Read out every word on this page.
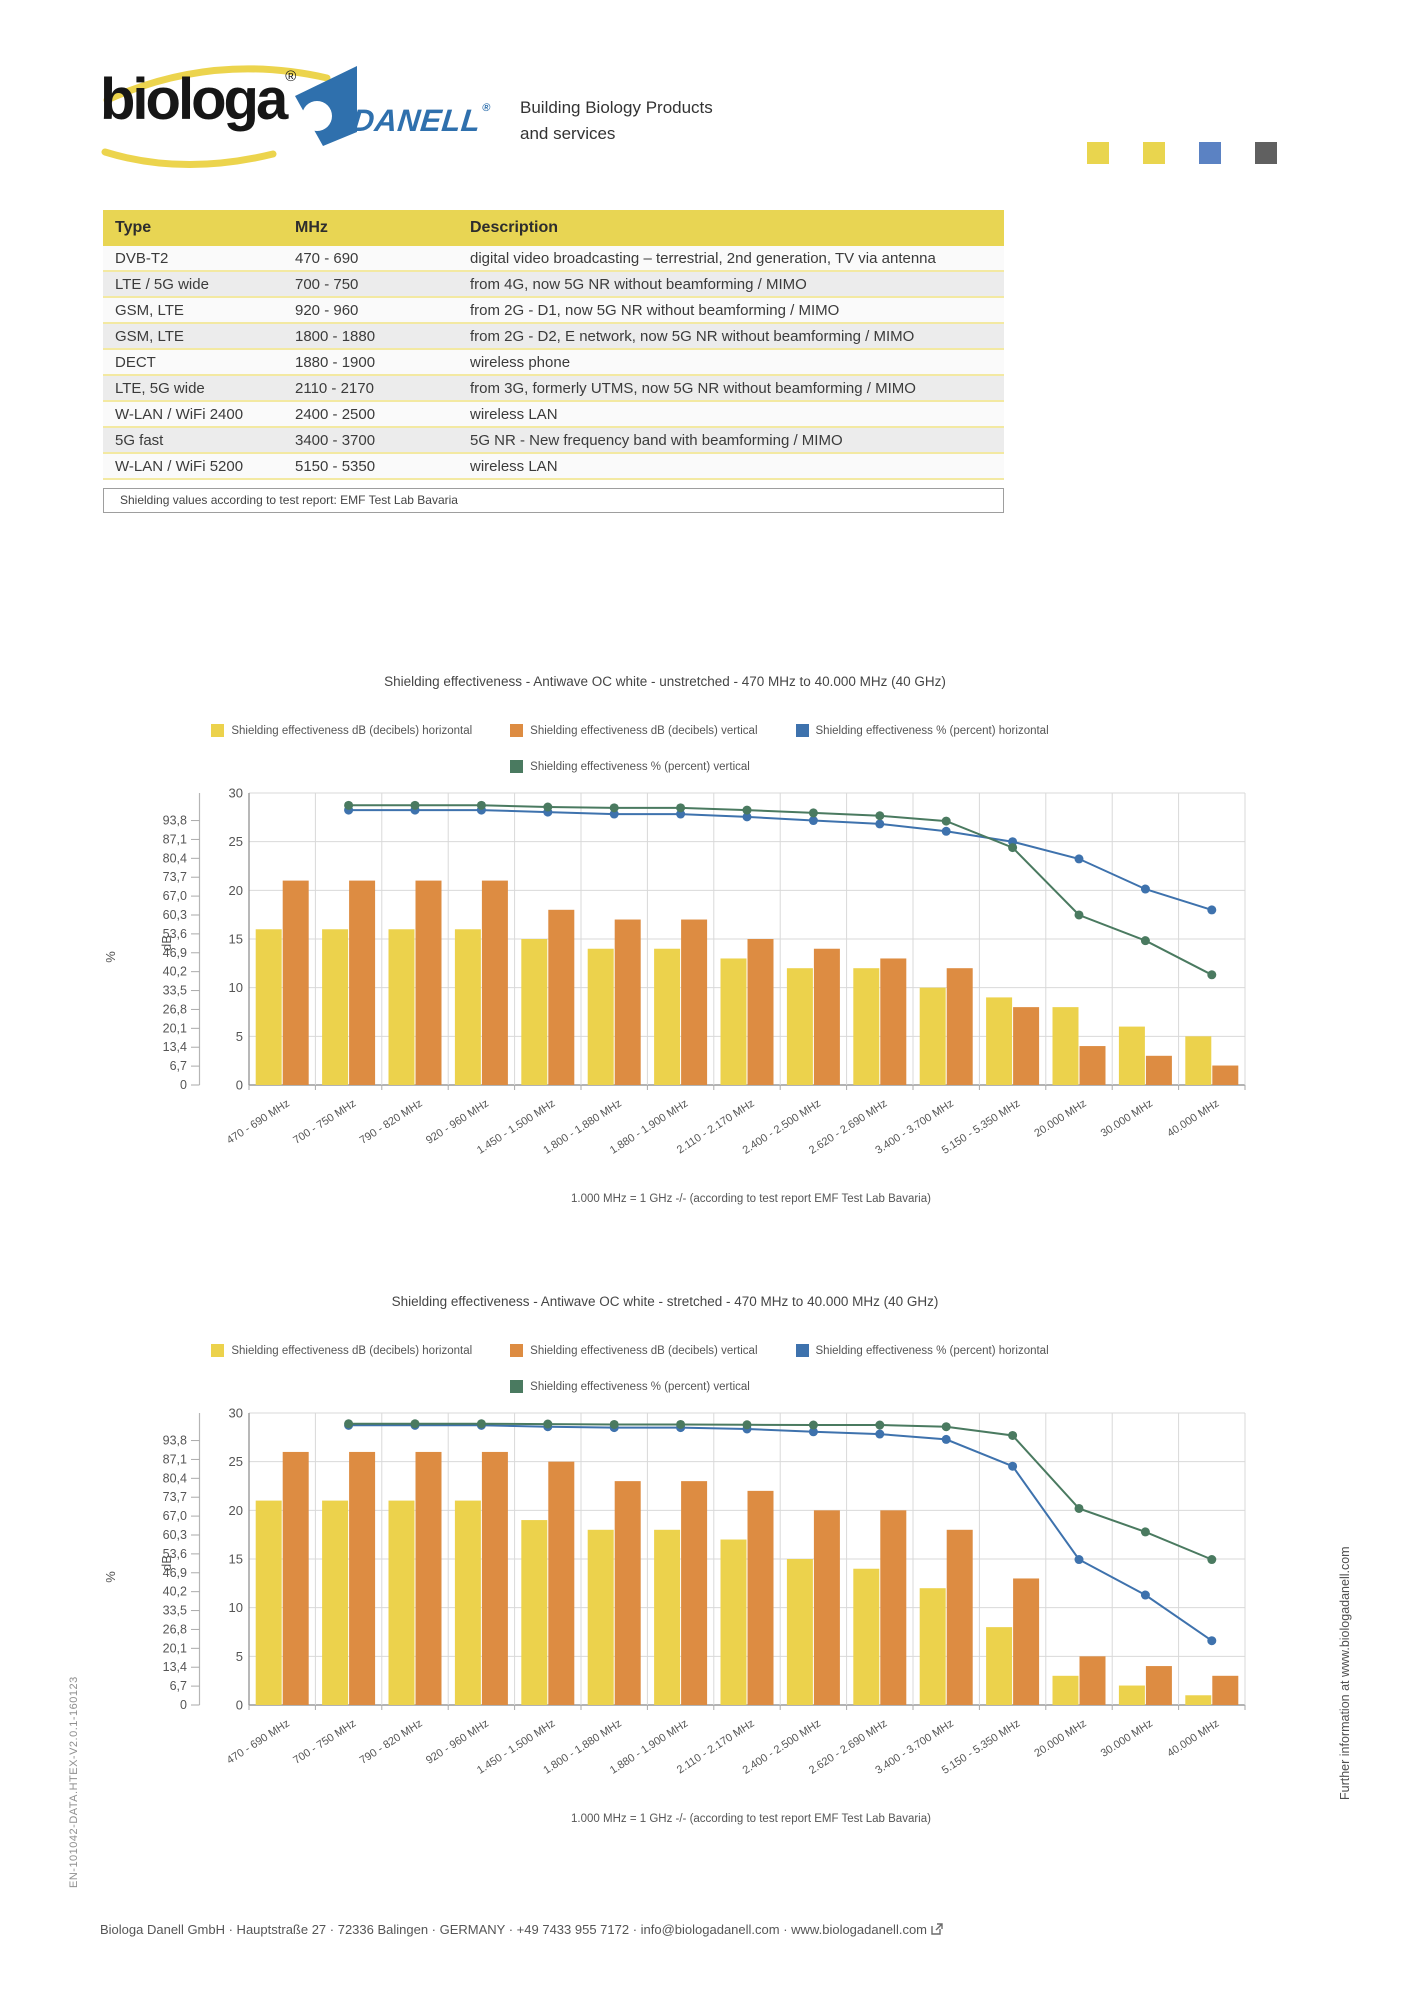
biologa®
DANELL® Building Biology Products
and services
Type	MHz	Description
DVB-T2	470 - 690	digital video broadcasting – terrestrial, 2nd generation, TV via antenna
LTE / 5G wide	700 - 750	from 4G, now 5G NR without beamforming / MIMO
GSM, LTE	920 - 960	from 2G - D1, now 5G NR without beamforming / MIMO
GSM, LTE	1800 - 1880	from 2G - D2, E network, now 5G NR without beamforming / MIMO
DECT	1880 - 1900	wireless phone
LTE, 5G wide	2110 - 2170	from 3G, formerly UTMS, now 5G NR without beamforming / MIMO
W-LAN / WiFi 2400	2400 - 2500	wireless LAN
5G fast	3400 - 3700	5G NR - New frequency band with beamforming / MIMO
W-LAN / WiFi 5200	5150 - 5350	wireless LAN
Shielding values according to test report: EMF Test Lab Bavaria
Shielding effectiveness - Antiwave OC white - unstretched - 470 MHz to 40.000 MHz (40 GHz)
Shielding effectiveness dB (decibels) horizontal	Shielding effectiveness dB (decibels) vertical	Shielding effectiveness % (percent) horizontal
Shielding effectiveness % (percent) vertical
93,8
87,1
80,4
73,7
67,0
60,3
53,6
46,9
40,2
33,5
26,8
20,1
13,4
6,7
0
30
25
20
15
10
5
0
%
dB
470 - 690 MHz 700 - 750 MHz 790 - 820 MHz 920 - 960 MHz
1.450 - 1.500 MHz
1.800 - 1.880 MHz
1.880 - 1.900 MHz
2.110 - 2.170 MHz
2.400 - 2.500 MHz
2.620 - 2.690 MHz
3.400 - 3.700 MHz
5.150 - 5.350 MHz 20.000 MHz 30.000 MHz 40.000 MHz
1.000 MHz = 1 GHz -/- (according to test report EMF Test Lab Bavaria)
Shielding effectiveness - Antiwave OC white - stretched - 470 MHz to 40.000 MHz (40 GHz)
Shielding effectiveness dB (decibels) horizontal	Shielding effectiveness dB (decibels) vertical	Shielding effectiveness % (percent) horizontal
Shielding effectiveness % (percent) vertical
93,8
87,1
80,4
73,7
67,0
60,3
53,6
46,9
40,2
33,5
26,8
20,1
13,4
6,7
0
30
25
20
15
10
5
0
%
dB
470 - 690 MHz 700 - 750 MHz 790 - 820 MHz 920 - 960 MHz
1.450 - 1.500 MHz
1.800 - 1.880 MHz
1.880 - 1.900 MHz
2.110 - 2.170 MHz
2.400 - 2.500 MHz
2.620 - 2.690 MHz
3.400 - 3.700 MHz
5.150 - 5.350 MHz 20.000 MHz 30.000 MHz 40.000 MHz
1.000 MHz = 1 GHz -/- (according to test report EMF Test Lab Bavaria)
EN-101042-DATA.HTEX-V2.0.1-160123	Further information at www.biologadanell.com
Biologa Danell GmbH · Hauptstraße 27 · 72336 Balingen · GERMANY · +49 7433 955 7172 · info@biologadanell.com · www.biologadanell.com
